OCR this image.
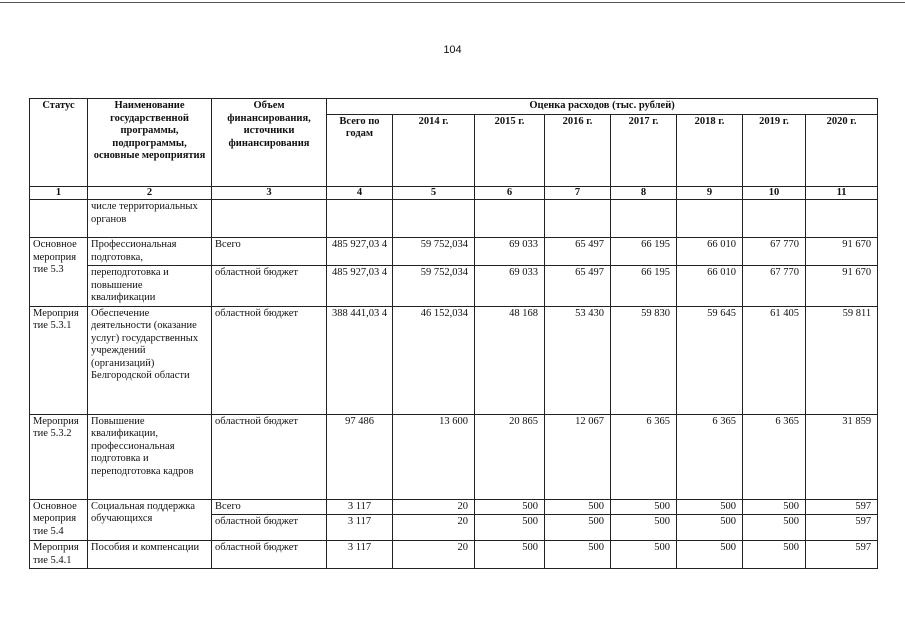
104
Статус	Наименование государственной программы, подпрограммы, основные мероприятия	Объем финансирования, источники финансирования	Оценка расходов (тыс. рублей)							
			Всего по годам	2014 г.	2015 г.	2016 г.	2017 г.	2018 г.	2019 г.	2020 г.
1	2	3	4	5	6	7	8	9	10	11
	числе территориальных органов									
Основное мероприя тие 5.3	Профессиональная подготовка,	Всего	485 927,03 4	59 752,034	69 033	65 497	66 195	66 010	67 770	91 670
	переподготовка и повышение квалификации	областной бюджет	485 927,03 4	59 752,034	69 033	65 497	66 195	66 010	67 770	91 670
Мероприя тие 5.3.1	Обеспечение деятельности (оказание услуг) государственных учреждений (организаций) Белгородской области	областной бюджет	388 441,03 4	46 152,034	48 168	53 430	59 830	59 645	61 405	59 811
Мероприя тие 5.3.2	Повышение квалификации, профессиональная подготовка и переподготовка кадров	областной бюджет	97 486	13 600	20 865	12 067	6 365	6 365	6 365	31 859
Основное мероприя тие 5.4	Социальная поддержка обучающихся	Всего	3 117	20	500	500	500	500	500	597
		областной бюджет	3 117	20	500	500	500	500	500	597
Мероприя тие 5.4.1	Пособия и компенсации	областной бюджет	3 117	20	500	500	500	500	500	597
